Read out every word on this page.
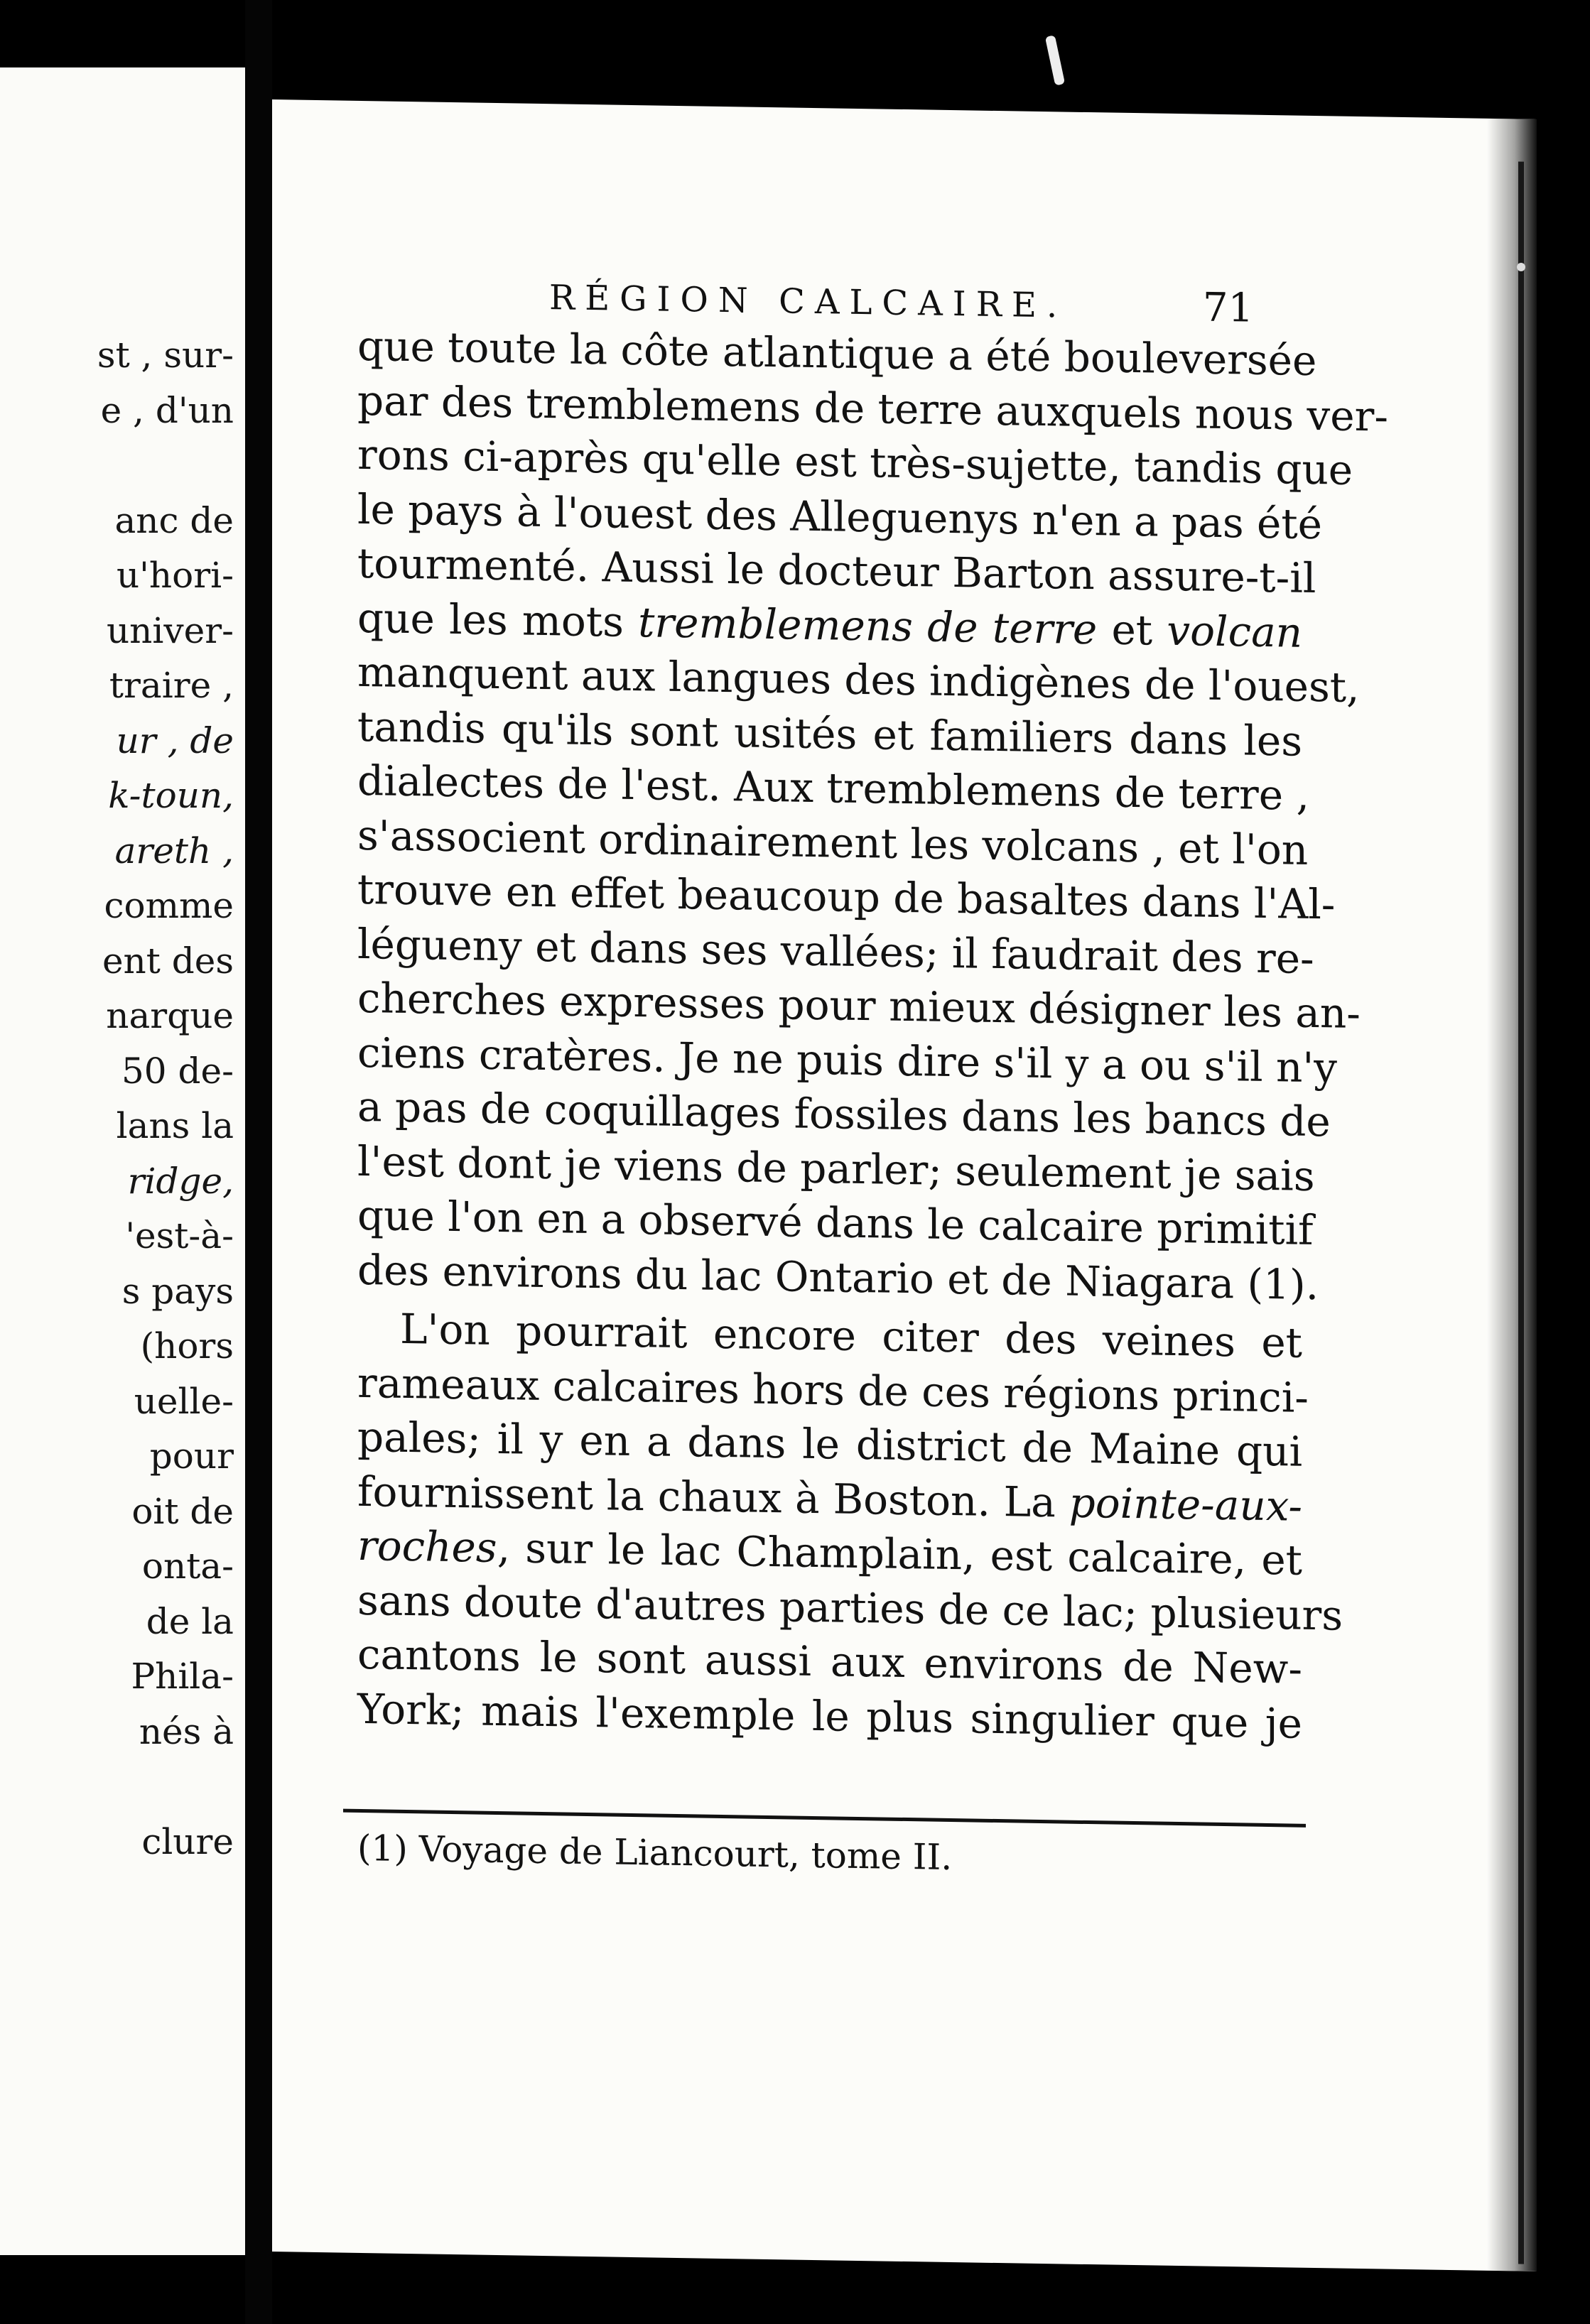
st , sur-
e , d'un
anc de
u'hori-
univer-
traire ,
ur , de
k-toun,
areth ,
comme
ent des
narque
50 de-
lans la
ridge,
'est-à-
s pays
(hors
uelle-
pour
oit de
onta-
de la
Phila-
nés à
clure
RÉGION CALCAIRE.	71
(1) Voyage de Liancourt, tome II.
que toute la côte atlantique a été bouleversée
par des tremblemens de terre auxquels nous ver-
rons ci-après qu'elle est très-sujette, tandis que
le pays à l'ouest des Alleguenys n'en a pas été
tourmenté. Aussi le docteur Barton assure-t-il
que les mots tremblemens de terre et volcan
manquent aux langues des indigènes de l'ouest,
tandis qu'ils sont usités et familiers dans les
dialectes de l'est. Aux tremblemens de terre ,
s'associent ordinairement les volcans , et l'on
trouve en effet beaucoup de basaltes dans l'Al-
légueny et dans ses vallées; il faudrait des re-
cherches expresses pour mieux désigner les an-
ciens cratères. Je ne puis dire s'il y a ou s'il n'y
a pas de coquillages fossiles dans les bancs de
l'est dont je viens de parler; seulement je sais
que l'on en a observé dans le calcaire primitif
des environs du lac Ontario et de Niagara (1).
L'on pourrait encore citer des veines et
rameaux calcaires hors de ces régions princi-
pales; il y en a dans le district de Maine qui
fournissent la chaux à Boston. La pointe-aux-
roches, sur le lac Champlain, est calcaire, et
sans doute d'autres parties de ce lac; plusieurs
cantons le sont aussi aux environs de New-
York; mais l'exemple le plus singulier que je
